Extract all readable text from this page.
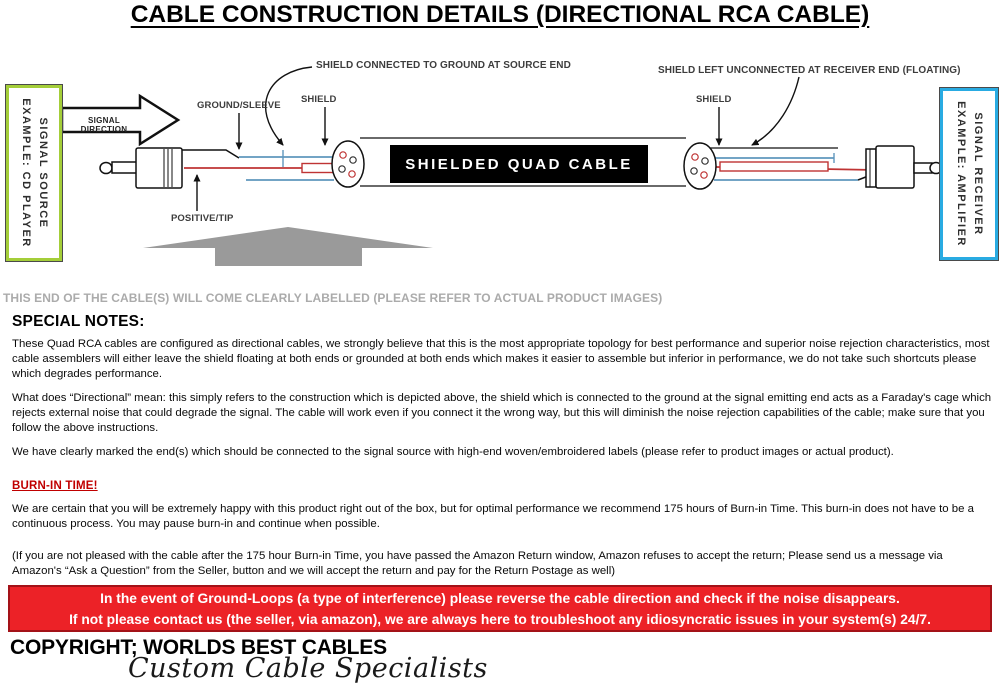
CABLE CONSTRUCTION DETAILS (DIRECTIONAL RCA CABLE)
SHIELDED QUAD CABLE
SIGNAL DIRECTION
GROUND/SLEEVE
SHIELD
SHIELD CONNECTED TO GROUND AT SOURCE END	SHIELD LEFT UNCONNECTED AT RECEIVER END (FLOATING)
SHIELD
POSITIVE/TIP
SIGNAL SOURCE
EXAMPLE: CD PLAYER	SIGNAL RECEIVER
EXAMPLE: AMPLIFIER
THIS END OF THE CABLE(S) WILL COME CLEARLY LABELLED (PLEASE REFER TO ACTUAL PRODUCT IMAGES)
SPECIAL NOTES:

These Quad RCA cables are configured as directional cables, we strongly believe that this is the most appropriate topology for best performance and superior noise rejection characteristics, most cable assemblers will either leave the shield floating at both ends or grounded at both ends which makes it easier to assemble but inferior in performance, we do not take such shortcuts please which degrades performance.

What does “Directional” mean: this simply refers to the construction which is depicted above, the shield which is connected to the ground at the signal emitting end acts as a Faraday's cage which rejects external noise that could degrade the signal. The cable will work even if you connect it the wrong way, but this will diminish the noise rejection capabilities of the cable; make sure that you follow the above instructions.

We have clearly marked the end(s) which should be connected to the signal source with high-end woven/embroidered labels (please refer to product images or actual product).

BURN-IN TIME!

We are certain that you will be extremely happy with this product right out of the box, but for optimal performance we recommend 175 hours of Burn-in Time. This burn-in does not have to be a continuous process. You may pause burn-in and continue when possible.

(If you are not pleased with the cable after the 175 hour Burn-in Time, you have passed the Amazon Return window, Amazon refuses to accept the return; Please send us a message via Amazon's “Ask a Question” from the Seller, button and we will accept the return and pay for the Return Postage as well)

In the event of Ground-Loops (a type of interference) please reverse the cable direction and check if the noise disappears.
If not please contact us (the seller, via amazon), we are always here to troubleshoot any idiosyncratic issues in your system(s) 24/7.
COPYRIGHT; WORLDS BEST CABLES
Custom Cable Specialists
